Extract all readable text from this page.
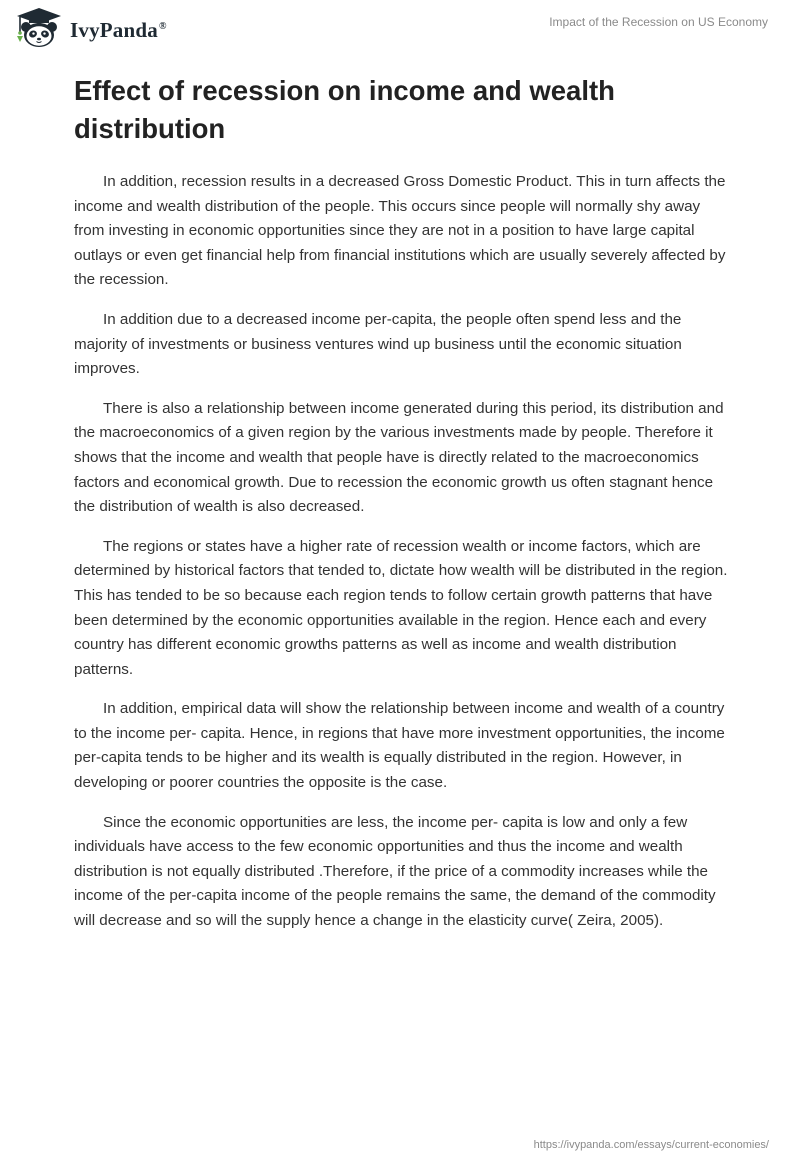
IvyPanda®	Impact of the Recession on US Economy
Effect of recession on income and wealth distribution

In addition, recession results in a decreased Gross Domestic Product. This in turn affects the income and wealth distribution of the people. This occurs since people will normally shy away from investing in economic opportunities since they are not in a position to have large capital outlays or even get financial help from financial institutions which are usually severely affected by the recession.

In addition due to a decreased income per-capita, the people often spend less and the majority of investments or business ventures wind up business until the economic situation improves.

There is also a relationship between income generated during this period, its distribution and the macroeconomics of a given region by the various investments made by people. Therefore it shows that the income and wealth that people have is directly related to the macroeconomics factors and economical growth. Due to recession the economic growth us often stagnant hence the distribution of wealth is also decreased.

The regions or states have a higher rate of recession wealth or income factors, which are determined by historical factors that tended to, dictate how wealth will be distributed in the region. This has tended to be so because each region tends to follow certain growth patterns that have been determined by the economic opportunities available in the region. Hence each and every country has different economic growths patterns as well as income and wealth distribution patterns.

In addition, empirical data will show the relationship between income and wealth of a country to the income per- capita. Hence, in regions that have more investment opportunities, the income per-capita tends to be higher and its wealth is equally distributed in the region. However, in developing or poorer countries the opposite is the case.

Since the economic opportunities are less, the income per- capita is low and only a few individuals have access to the few economic opportunities and thus the income and wealth distribution is not equally distributed .Therefore, if the price of a commodity increases while the income of the per-capita income of the people remains the same, the demand of the commodity will decrease and so will the supply hence a change in the elasticity curve( Zeira, 2005).

https://ivypanda.com/essays/current-economies/
